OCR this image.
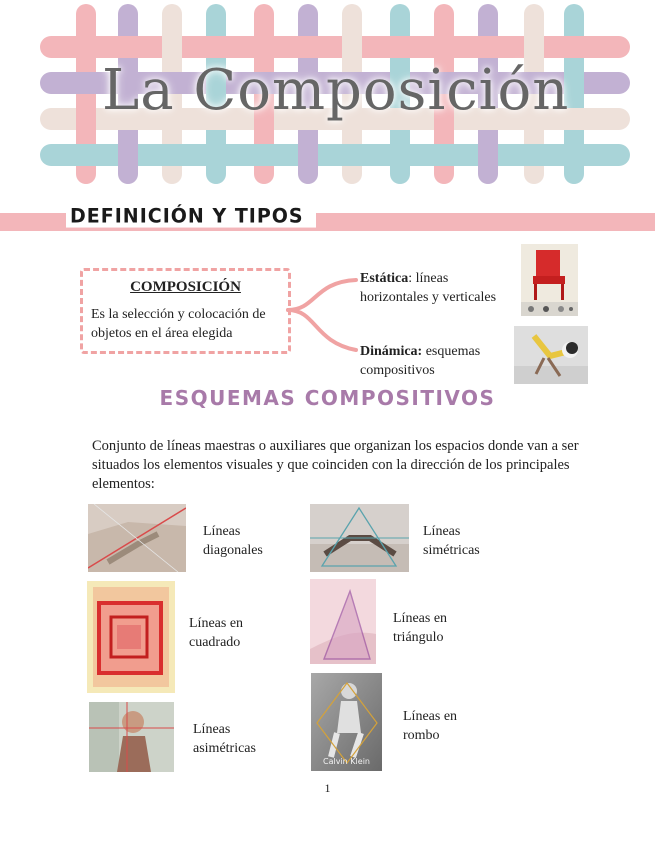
La Composición
DEFINICIÓN Y TIPOS
COMPOSICIÓN
Es la selección y colocación de objetos en el área elegida
Estática: líneas horizontales y verticales
Dinámica: esquemas compositivos
ESQUEMAS COMPOSITIVOS
Conjunto de líneas maestras o auxiliares que organizan los espacios donde van a ser situados los elementos visuales y que coinciden con la dirección de los principales elementos:
Líneas
diagonales
Líneas
simétricas
Líneas en
cuadrado
Líneas en
triángulo
Líneas
asimétricas
Calvin Klein
Líneas en
rombo
1
